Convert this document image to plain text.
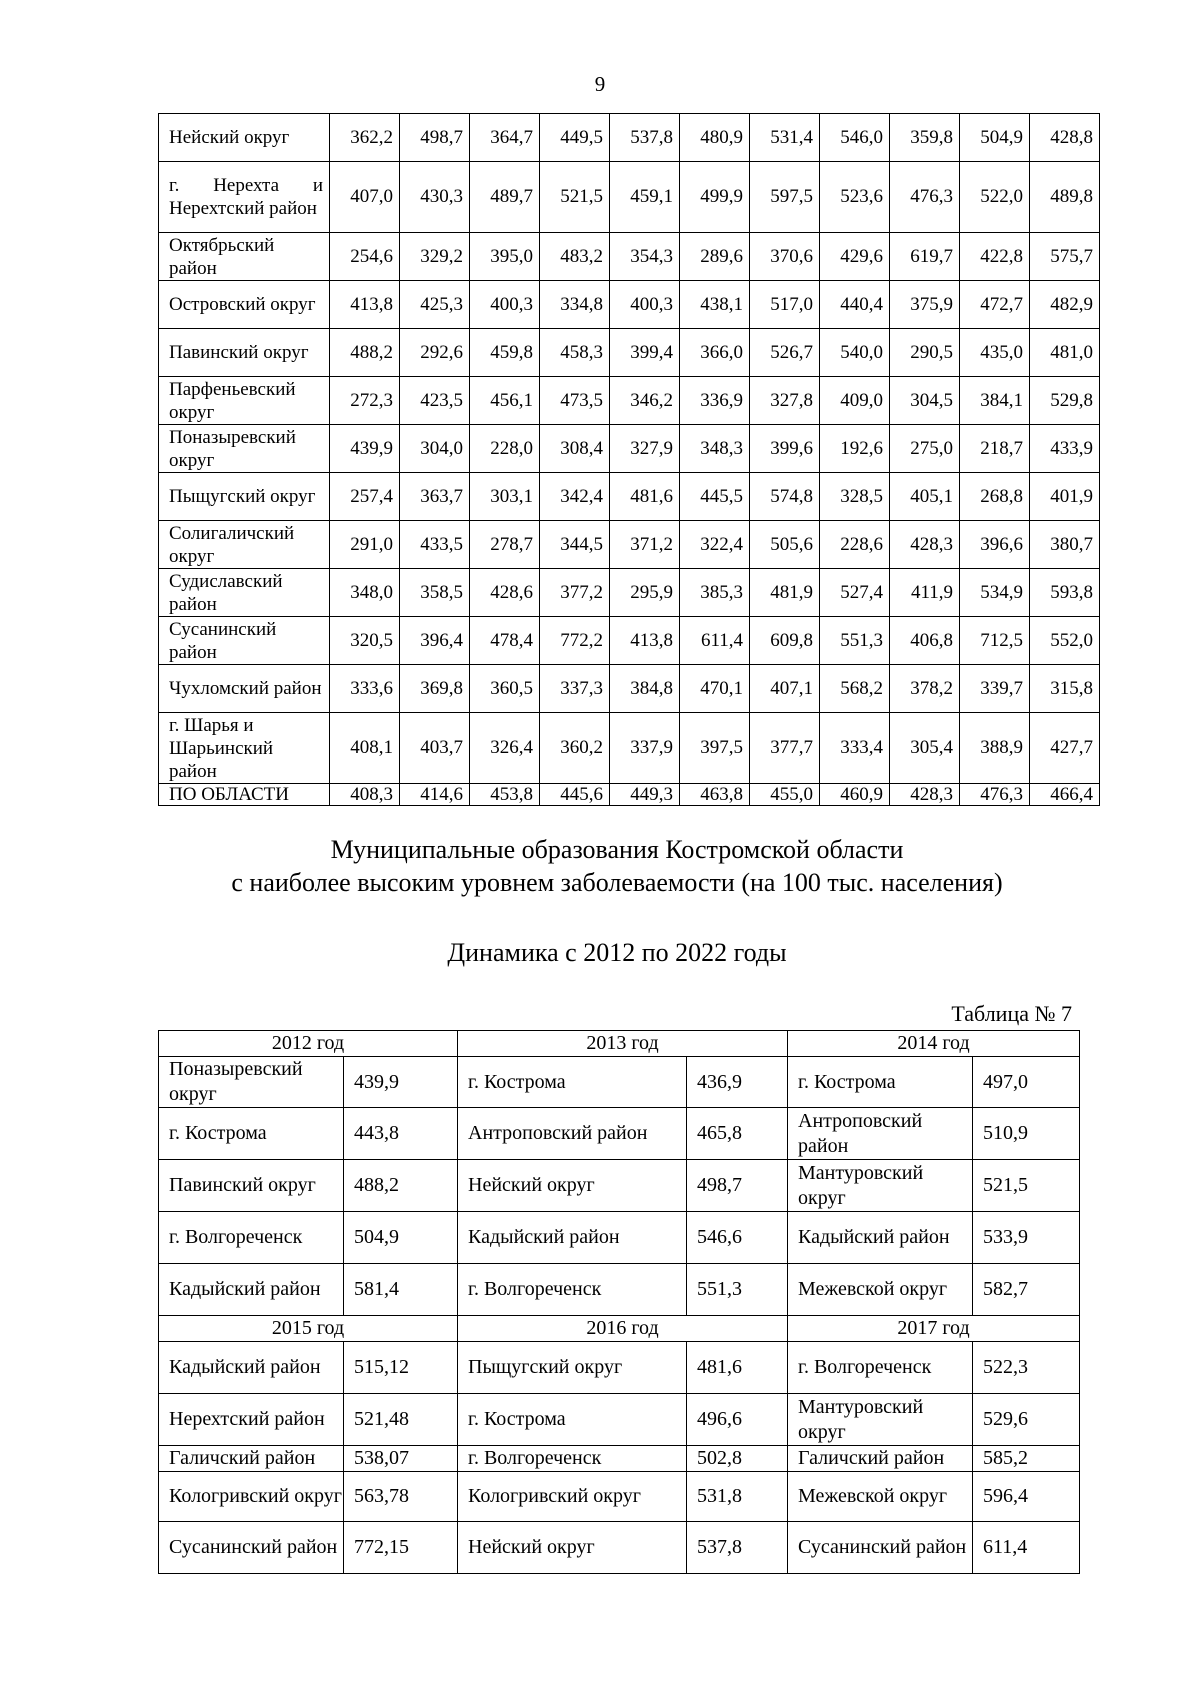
9
Нейский округ	362,2	498,7	364,7	449,5	537,8	480,9	531,4	546,0	359,8	504,9	428,8
г. Нерехта и Нерехтский район	407,0	430,3	489,7	521,5	459,1	499,9	597,5	523,6	476,3	522,0	489,8
Октябрьский район	254,6	329,2	395,0	483,2	354,3	289,6	370,6	429,6	619,7	422,8	575,7
Островский округ	413,8	425,3	400,3	334,8	400,3	438,1	517,0	440,4	375,9	472,7	482,9
Павинский округ	488,2	292,6	459,8	458,3	399,4	366,0	526,7	540,0	290,5	435,0	481,0
Парфеньевский округ	272,3	423,5	456,1	473,5	346,2	336,9	327,8	409,0	304,5	384,1	529,8
Поназыревский округ	439,9	304,0	228,0	308,4	327,9	348,3	399,6	192,6	275,0	218,7	433,9
Пыщугский округ	257,4	363,7	303,1	342,4	481,6	445,5	574,8	328,5	405,1	268,8	401,9
Солигаличский округ	291,0	433,5	278,7	344,5	371,2	322,4	505,6	228,6	428,3	396,6	380,7
Судиславский район	348,0	358,5	428,6	377,2	295,9	385,3	481,9	527,4	411,9	534,9	593,8
Сусанинский район	320,5	396,4	478,4	772,2	413,8	611,4	609,8	551,3	406,8	712,5	552,0
Чухломский район	333,6	369,8	360,5	337,3	384,8	470,1	407,1	568,2	378,2	339,7	315,8
г. Шарья и Шарьинский район	408,1	403,7	326,4	360,2	337,9	397,5	377,7	333,4	305,4	388,9	427,7
ПО ОБЛАСТИ	408,3	414,6	453,8	445,6	449,3	463,8	455,0	460,9	428,3	476,3	466,4
Муниципальные образования Костромской области
с наиболее высоким уровнем заболеваемости (на 100 тыс. населения)
Динамика с 2012 по 2022 годы
Таблица № 7
2012 год		2013 год		2014 год	
Поназыревский округ	439,9	г. Кострома	436,9	г. Кострома	497,0
г. Кострома	443,8	Антроповский район	465,8	Антроповский район	510,9
Павинский округ	488,2	Нейский округ	498,7	Мантуровский округ	521,5
г. Волгореченск	504,9	Кадыйский район	546,6	Кадыйский район	533,9
Кадыйский район	581,4	г. Волгореченск	551,3	Межевской округ	582,7
2015 год		2016 год		2017 год	
Кадыйский район	515,12	Пыщугский округ	481,6	г. Волгореченск	522,3
Нерехтский район	521,48	г. Кострома	496,6	Мантуровский округ	529,6
Галичский район	538,07	г. Волгореченск	502,8	Галичский район	585,2
Кологривский округ	563,78	Кологривский округ	531,8	Межевской округ	596,4
Сусанинский район	772,15	Нейский округ	537,8	Сусанинский район	611,4
